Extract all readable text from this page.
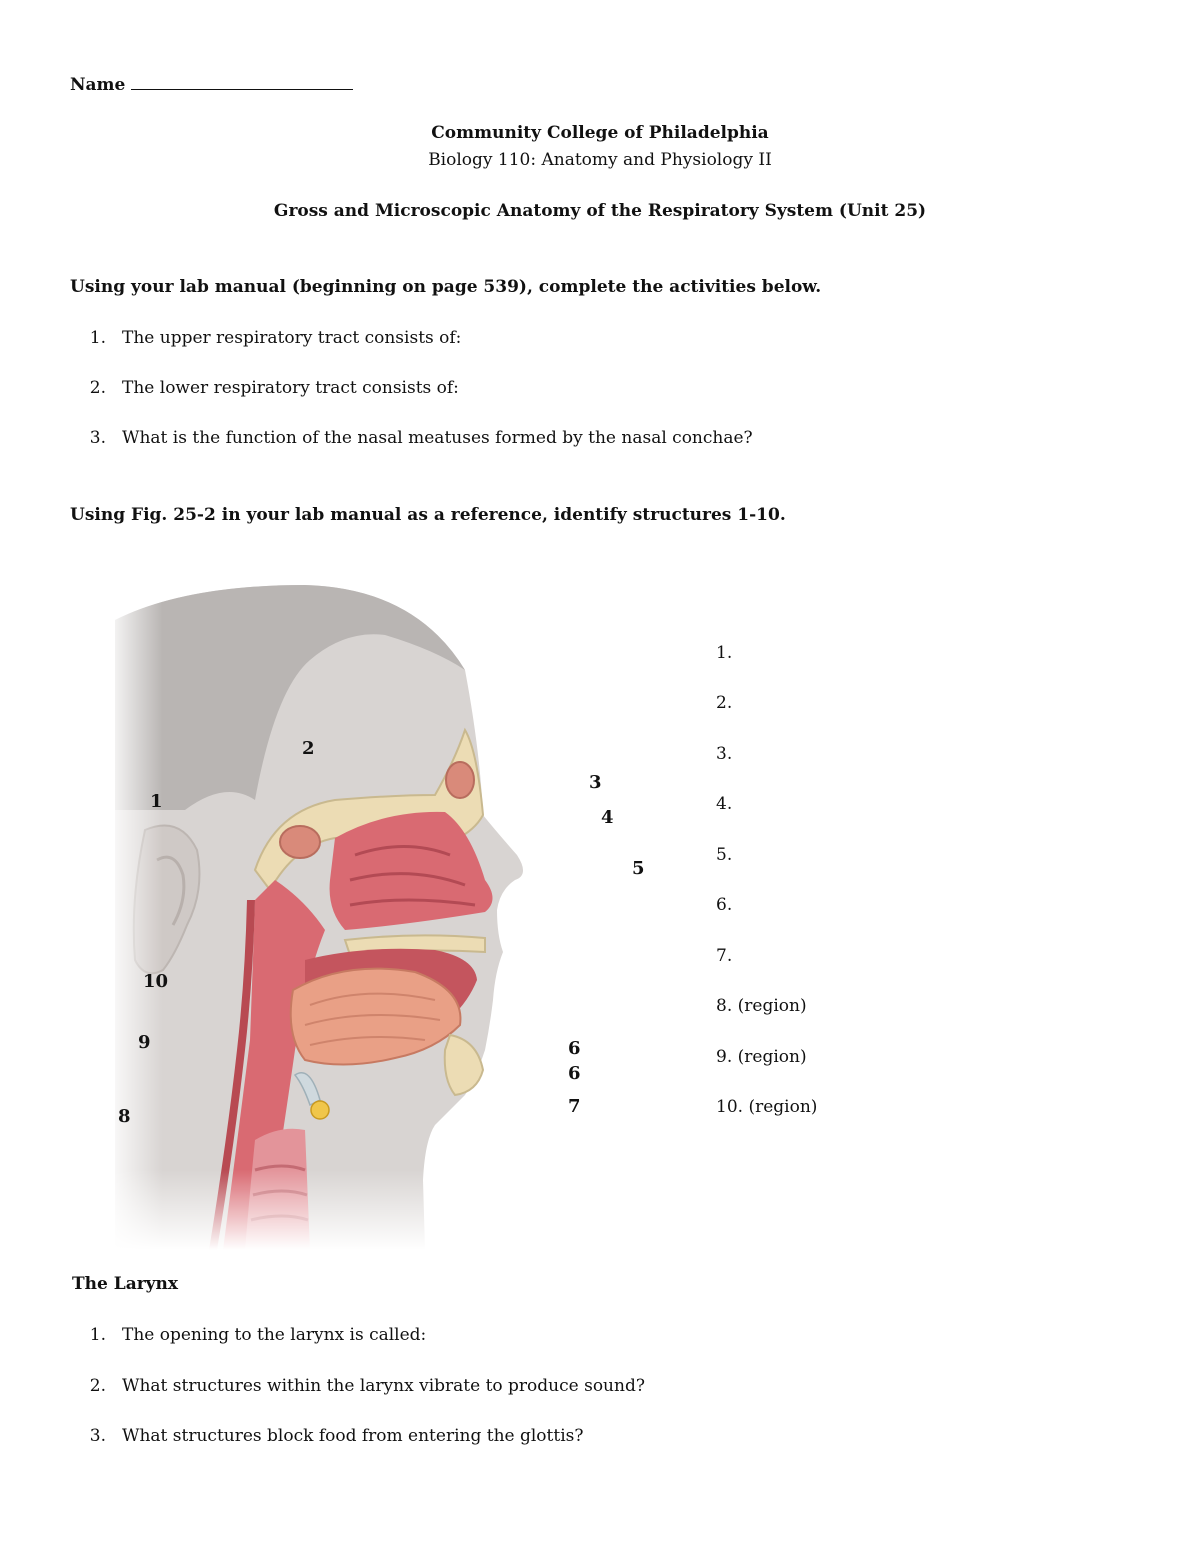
Name
Community College of Philadelphia
Biology 110: Anatomy and Physiology II
Gross and Microscopic Anatomy of the Respiratory System (Unit 25)
Using your lab manual (beginning on page 539), complete the activities below.
1. The upper respiratory tract consists of:
2. The lower respiratory tract consists of:
3. What is the function of the nasal meatuses formed by the nasal conchae?
Using Fig. 25-2 in your lab manual as a reference, identify structures 1-10.
1
2
3
4
5
6
6
7
8
9
10
1.
2.
3.
4.
5.
6.
7.
8. (region)
9. (region)
10. (region)
The Larynx
1. The opening to the larynx is called:
2. What structures within the larynx vibrate to produce sound?
3. What structures block food from entering the glottis?
